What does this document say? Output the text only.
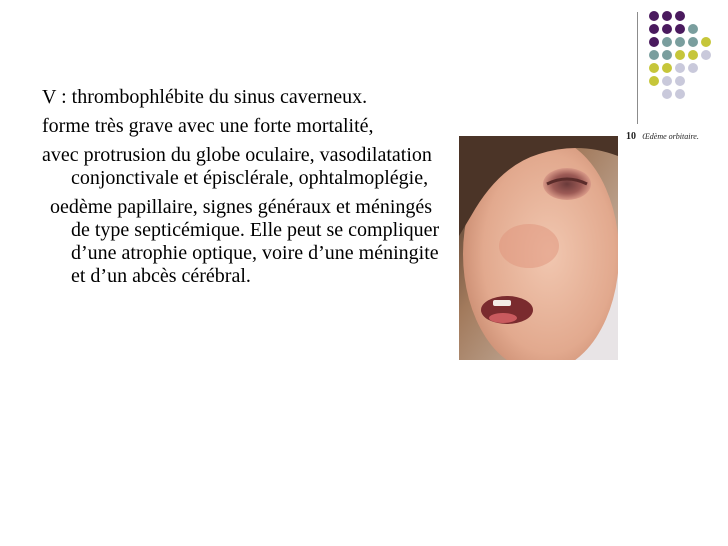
10 Œdème orbitaire.

V : thrombophlébite du sinus caverneux.

forme très grave avec une forte mortalité,

avec protrusion du globe oculaire, vasodilatation conjonctivale et épisclérale, ophtalmoplégie,

oedème papillaire, signes généraux et méningés de type septicémique. Elle peut se compliquer d’une atrophie optique, voire d’une méningite et d’un abcès cérébral.
